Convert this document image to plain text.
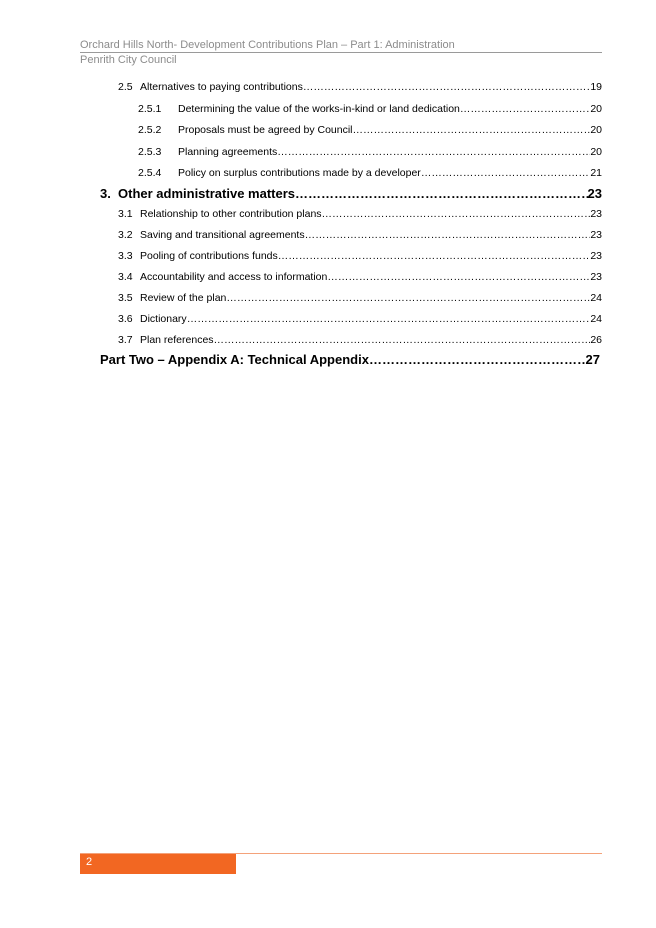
Orchard Hills North- Development Contributions Plan – Part 1: Administration
Penrith City Council
2.5 Alternatives to paying contributions ……………………………………………………………………………………………………………………………………………………	19
2.5.1	Determining the value of the works-in-kind or land dedication ……………………………………………………………………………………………………………………………………………………	20
2.5.2	Proposals must be agreed by Council ……………………………………………………………………………………………………………………………………………………	20
2.5.3	Planning agreements ……………………………………………………………………………………………………………………………………………………	20
2.5.4	Policy on surplus contributions made by a developer ……………………………………………………………………………………………………………………………………………………	21
3. Other administrative matters ……………………………………………………………………………………………………………………………………………………	23
3.1 Relationship to other contribution plans ……………………………………………………………………………………………………………………………………………………	23
3.2 Saving and transitional agreements ……………………………………………………………………………………………………………………………………………………	23
3.3 Pooling of contributions funds ……………………………………………………………………………………………………………………………………………………	23
3.4 Accountability and access to information ……………………………………………………………………………………………………………………………………………………	23
3.5 Review of the plan ……………………………………………………………………………………………………………………………………………………	24
3.6 Dictionary ……………………………………………………………………………………………………………………………………………………	24
3.7 Plan references ……………………………………………………………………………………………………………………………………………………	26
Part Two – Appendix A: Technical Appendix ……………………………………………………………………………………………………………………………………………………	27
2
